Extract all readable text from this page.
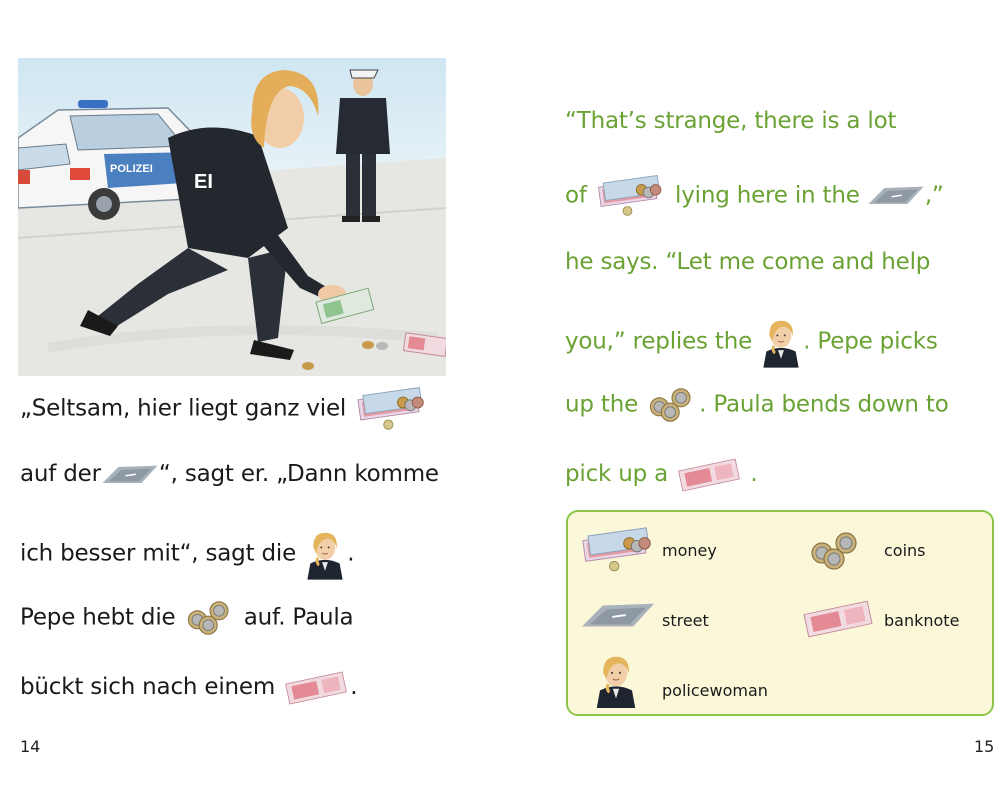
POLIZEI
EI
„Seltsam, hier liegt ganz viel
auf der	“, sagt er. „Dann komme
ich besser mit“, sagt die .
Pepe hebt die	auf. Paula
bückt sich nach einem	.
14
“That’s strange, there is a lot
of	lying here in the	,”
he says. “Let me come and help
you,” replies the . Pepe picks
up the	. Paula bends down to
pick up a	.
money	coins
street	banknote
policewoman
15
